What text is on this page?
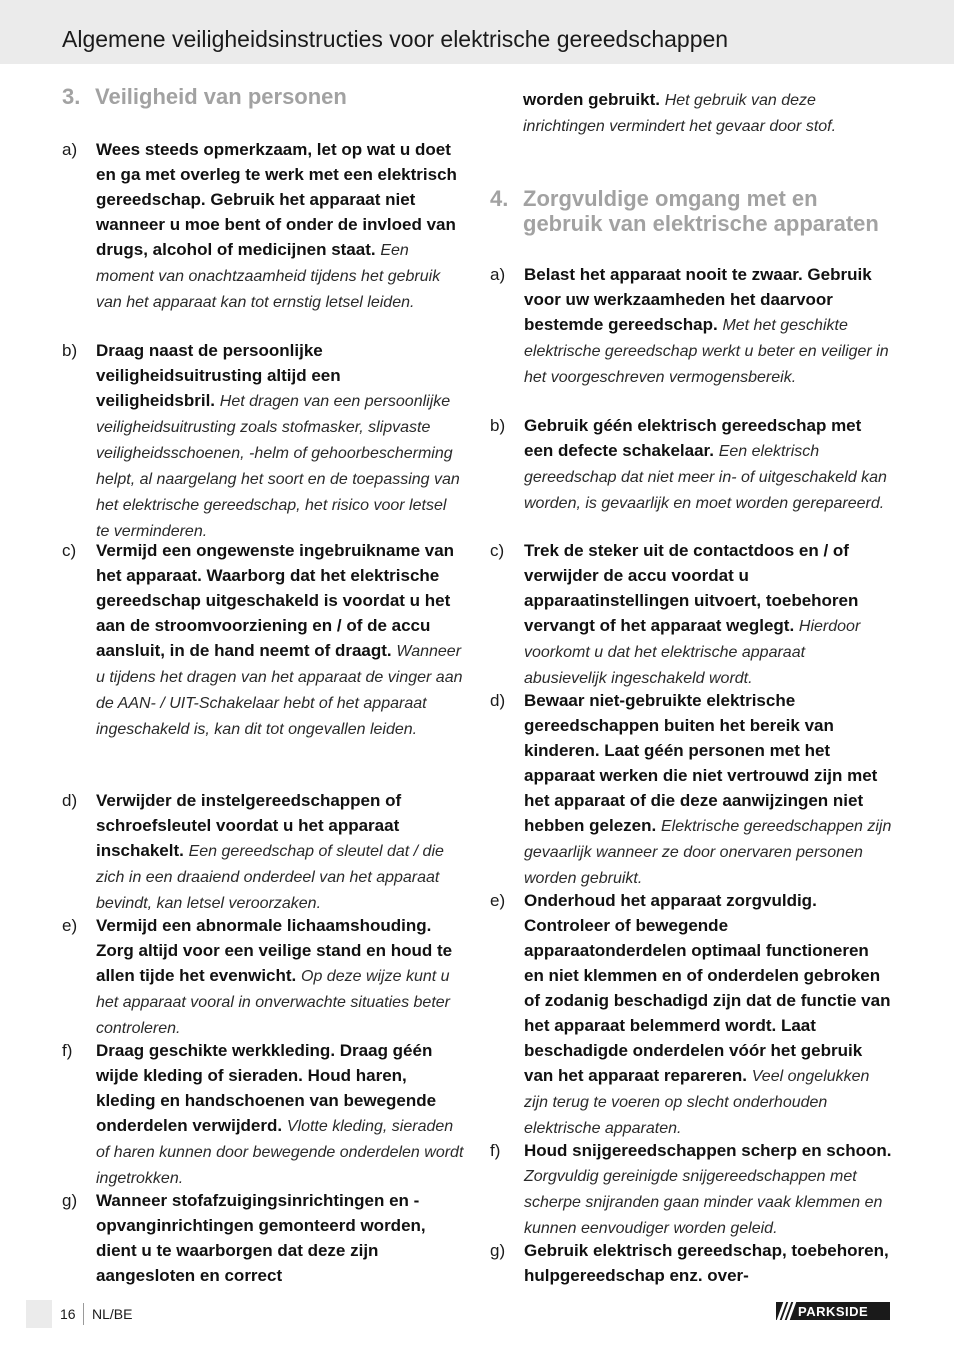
Algemene veiligheidsinstructies voor elektrische gereedschappen
3. Veiligheid van personen
a)	Wees steeds opmerkzaam, let op wat u doet en ga met overleg te werk met een elektrisch gereedschap. Gebruik het apparaat niet wanneer u moe bent of onder de invloed van drugs, alcohol of medicijnen staat. Een moment van onachtzaamheid tijdens het gebruik van het apparaat kan tot ernstig letsel leiden.
b)	Draag naast de persoonlijke veiligheidsuitrusting altijd een veiligheidsbril. Het dragen van een persoonlijke veiligheidsuitrusting zoals stofmasker, slipvaste veiligheidsschoenen, -helm of gehoorbescherming helpt, al naargelang het soort en de toepassing van het elektrische gereedschap, het risico voor letsel te verminderen.
c)	Vermijd een ongewenste ingebruikname van het apparaat. Waarborg dat het elektrische gereedschap uitgeschakeld is voordat u het aan de stroomvoorziening en / of de accu aansluit, in de hand neemt of draagt. Wanneer u tijdens het dragen van het apparaat de vinger aan de AAN- / UIT-Schakelaar hebt of het apparaat ingeschakeld is, kan dit tot ongevallen leiden.
d)	Verwijder de instelgereedschappen of schroefsleutel voordat u het apparaat inschakelt. Een gereedschap of sleutel dat / die zich in een draaiend onderdeel van het apparaat bevindt, kan letsel veroorzaken.
e)	Vermijd een abnormale lichaamshouding. Zorg altijd voor een veilige stand en houd te allen tijde het evenwicht. Op deze wijze kunt u het apparaat vooral in onverwachte situaties beter controleren.
f)	Draag geschikte werkkleding. Draag géén wijde kleding of sieraden. Houd haren, kleding en handschoenen van bewegende onderdelen verwijderd. Vlotte kleding, sieraden of haren kunnen door bewegende onderdelen wordt ingetrokken.
g)	Wanneer stofafzuigingsinrichtingen en -opvanginrichtingen gemonteerd worden, dient u te waarborgen dat deze zijn aangesloten en correct
worden gebruikt. Het gebruik van deze inrichtingen vermindert het gevaar door stof.
4. Zorgvuldige omgang met en gebruik van elektrische apparaten
a)	Belast het apparaat nooit te zwaar. Gebruik voor uw werkzaamheden het daarvoor bestemde gereedschap. Met het geschikte elektrische gereedschap werkt u beter en veiliger in het voorgeschreven vermogensbereik.
b)	Gebruik géén elektrisch gereedschap met een defecte schakelaar. Een elektrisch gereedschap dat niet meer in- of uitgeschakeld kan worden, is gevaarlijk en moet worden gerepareerd.
c)	Trek de steker uit de contactdoos en / of verwijder de accu voordat u apparaatinstellingen uitvoert, toebehoren vervangt of het apparaat weglegt. Hierdoor voorkomt u dat het elektrische apparaat abusievelijk ingeschakeld wordt.
d)	Bewaar niet-gebruikte elektrische gereedschappen buiten het bereik van kinderen. Laat géén personen met het apparaat werken die niet vertrouwd zijn met het apparaat of die deze aanwijzingen niet hebben gelezen. Elektrische gereedschappen zijn gevaarlijk wanneer ze door onervaren personen worden gebruikt.
e)	Onderhoud het apparaat zorgvuldig. Controleer of bewegende apparaatonderdelen optimaal functioneren en niet klemmen en of onderdelen gebroken of zodanig beschadigd zijn dat de functie van het apparaat belemmerd wordt. Laat beschadigde onderdelen vóór het gebruik van het apparaat repareren. Veel ongelukken zijn terug te voeren op slecht onderhouden elektrische apparaten.
f)	Houd snijgereedschappen scherp en schoon. Zorgvuldig gereinigde snijgereedschappen met scherpe snijranden gaan minder vaak klemmen en kunnen eenvoudiger worden geleid.
g)	Gebruik elektrisch gereedschap, toebehoren, hulpgereedschap enz. over-
16 NL/BE	PARKSIDE
